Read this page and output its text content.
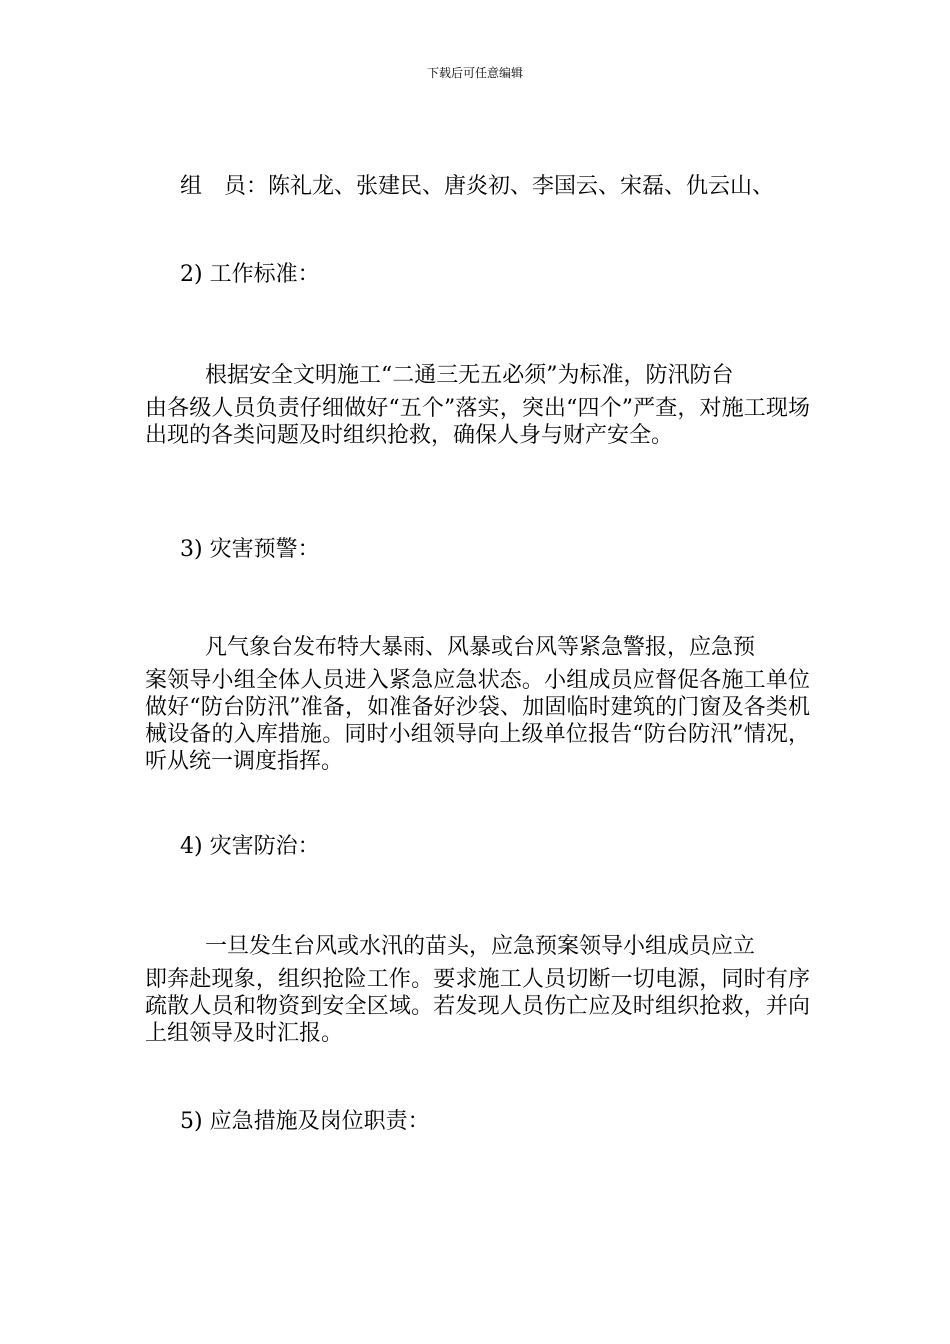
下载后可任意编辑
组　员：陈礼龙、张建民、唐炎初、李国云、宋磊、仇云山、
2) 工作标准：
根据安全文明施工“二通三无五必须”为标准，防汛防台
由各级人员负责仔细做好“五个”落实，突出“四个”严查，对施工现场出现的各类问题及时组织抢救，确保人身与财产安全。
3) 灾害预警：
凡气象台发布特大暴雨、风暴或台风等紧急警报，应急预
案领导小组全体人员进入紧急应急状态。小组成员应督促各施工单位做好“防台防汛”准备，如准备好沙袋、加固临时建筑的门窗及各类机械设备的入库措施。同时小组领导向上级单位报告“防台防汛”情况，听从统一调度指挥。
4) 灾害防治：
一旦发生台风或水汛的苗头，应急预案领导小组成员应立
即奔赴现象，组织抢险工作。要求施工人员切断一切电源，同时有序疏散人员和物资到安全区域。若发现人员伤亡应及时组织抢救，并向上组领导及时汇报。
5) 应急措施及岗位职责：
